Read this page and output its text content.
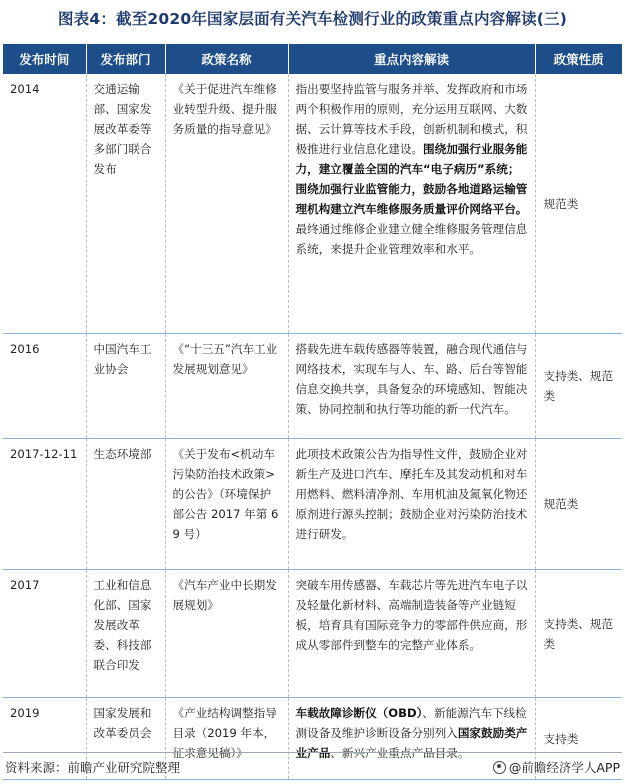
图表4：截至2020年国家层面有关汽车检测行业的政策重点内容解读(三)
发布时间	发布部门	政策名称	重点内容解读	政策性质
2014	交通运输部、国家发展改革委等多部门联合发布	《关于促进汽车维修业转型升级、提升服务质量的指导意见》	指出要坚持监管与服务并举、发挥政府和市场两个积极作用的原则，充分运用互联网、大数据、云计算等技术手段，创新机制和模式，积极推进行业信息化建设。围绕加强行业服务能力，建立覆盖全国的汽车“电子病历”系统；围绕加强行业监管能力，鼓励各地道路运输管理机构建立汽车维修服务质量评价网络平台。最终通过维修企业建立健全维修服务管理信息系统，来提升企业管理效率和水平。	规范类
2016	中国汽车工业协会	《“十三五”汽车工业发展规划意见》	搭载先进车载传感器等装置，融合现代通信与网络技术，实现车与人、车、路、后台等智能信息交换共享，具备复杂的环境感知、智能决策、协同控制和执行等功能的新一代汽车。	支持类、规范类
2017-12-11	生态环境部	《关于发布<机动车污染防治技术政策>的公告》（环境保护部公告 2017 年第 69 号）	此项技术政策公告为指导性文件，鼓励企业对新生产及进口汽车、摩托车及其发动机和对车用燃料、燃料清净剂、车用机油及氮氧化物还原剂进行源头控制；鼓励企业对污染防治技术进行研发。	规范类
2017	工业和信息化部、国家发展改革委、科技部联合印发	《汽车产业中长期发展规划》	突破车用传感器、车载芯片等先进汽车电子以及轻量化新材料、高端制造装备等产业链短板，培育具有国际竞争力的零部件供应商，形成从零部件到整车的完整产业体系。	支持类、规范类
2019	国家发展和改革委员会	《产业结构调整指导目录（2019 年本，征求意见稿）》	车载故障诊断仪（OBD）、新能源汽车下线检测设备及维护诊断设备分别列入国家鼓励类产业产品、新兴产业重点产品目录。	支持类
资料来源：前瞻产业研究院整理	@前瞻经济学人APP
